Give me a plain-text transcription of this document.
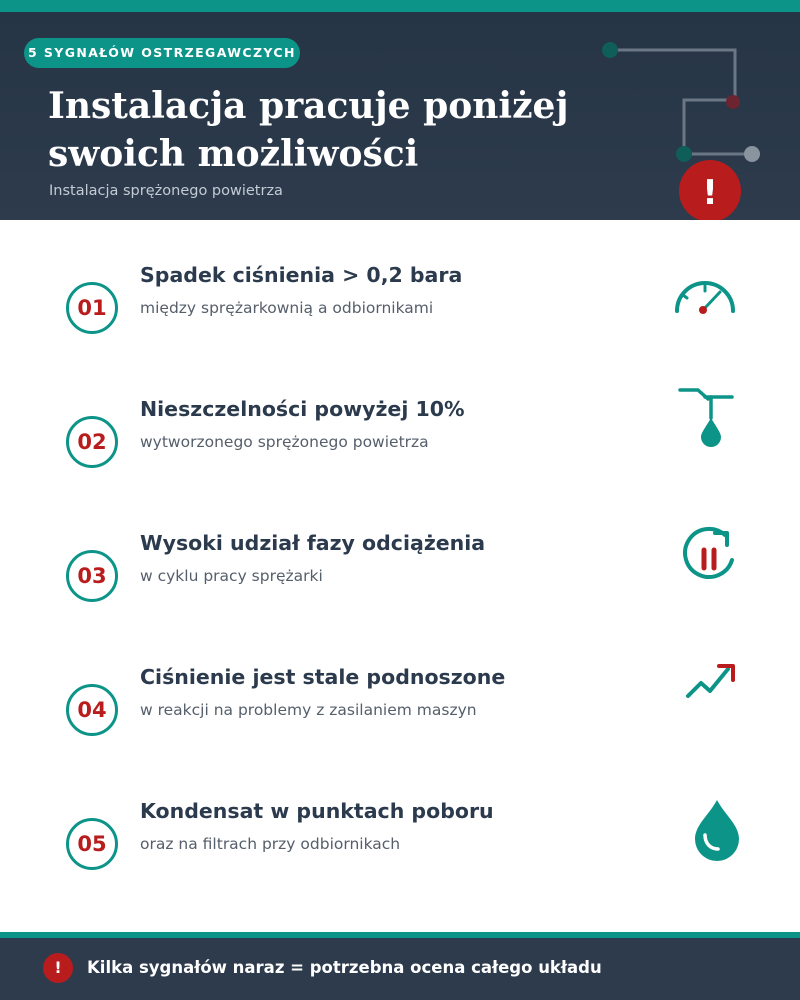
5 SYGNAŁÓW OSTRZEGAWCZYCH
Instalacja pracuje poniżej swoich możliwości
Instalacja sprężonego powietrza	!
01
Spadek ciśnienia > 0,2 bara
między sprężarkownią a odbiornikami
02
Nieszczelności powyżej 10%
wytworzonego sprężonego powietrza
03
Wysoki udział fazy odciążenia
w cyklu pracy sprężarki
04
Ciśnienie jest stale podnoszone
w reakcji na problemy z zasilaniem maszyn
05
Kondensat w punktach poboru
oraz na filtrach przy odbiornikach
!	Kilka sygnałów naraz = potrzebna ocena całego układu
